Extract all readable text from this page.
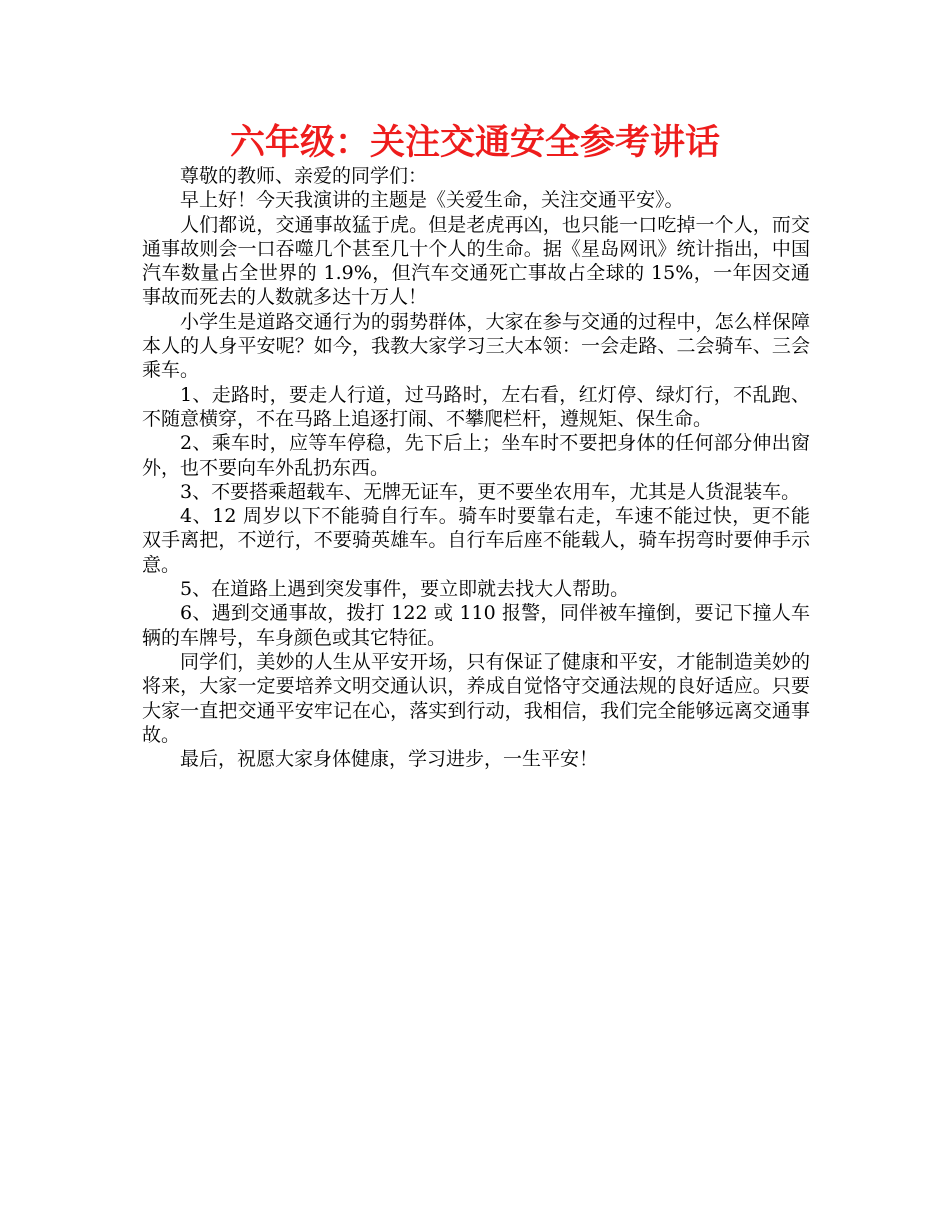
六年级：关注交通安全参考讲话

尊敬的教师、亲爱的同学们：

早上好！今天我演讲的主题是《关爱生命，关注交通平安》。

人们都说，交通事故猛于虎。但是老虎再凶，也只能一口吃掉一个人，而交通事故则会一口吞噬几个甚至几十个人的生命。据《星岛网讯》统计指出，中国汽车数量占全世界的 1.9%，但汽车交通死亡事故占全球的 15%，一年因交通事故而死去的人数就多达十万人！

小学生是道路交通行为的弱势群体，大家在参与交通的过程中，怎么样保障本人的人身平安呢？如今，我教大家学习三大本领：一会走路、二会骑车、三会乘车。

1、走路时，要走人行道，过马路时，左右看，红灯停、绿灯行，不乱跑、不随意横穿，不在马路上追逐打闹、不攀爬栏杆，遵规矩、保生命。

2、乘车时，应等车停稳，先下后上；坐车时不要把身体的任何部分伸出窗外，也不要向车外乱扔东西。

3、不要搭乘超载车、无牌无证车，更不要坐农用车，尤其是人货混装车。

4、12 周岁以下不能骑自行车。骑车时要靠右走，车速不能过快，更不能双手离把，不逆行，不要骑英雄车。自行车后座不能载人，骑车拐弯时要伸手示意。

5、在道路上遇到突发事件，要立即就去找大人帮助。

6、遇到交通事故，拨打 122 或 110 报警，同伴被车撞倒，要记下撞人车辆的车牌号，车身颜色或其它特征。

同学们，美妙的人生从平安开场，只有保证了健康和平安，才能制造美妙的将来，大家一定要培养文明交通认识，养成自觉恪守交通法规的良好适应。只要大家一直把交通平安牢记在心，落实到行动，我相信，我们完全能够远离交通事故。

最后，祝愿大家身体健康，学习进步，一生平安！
